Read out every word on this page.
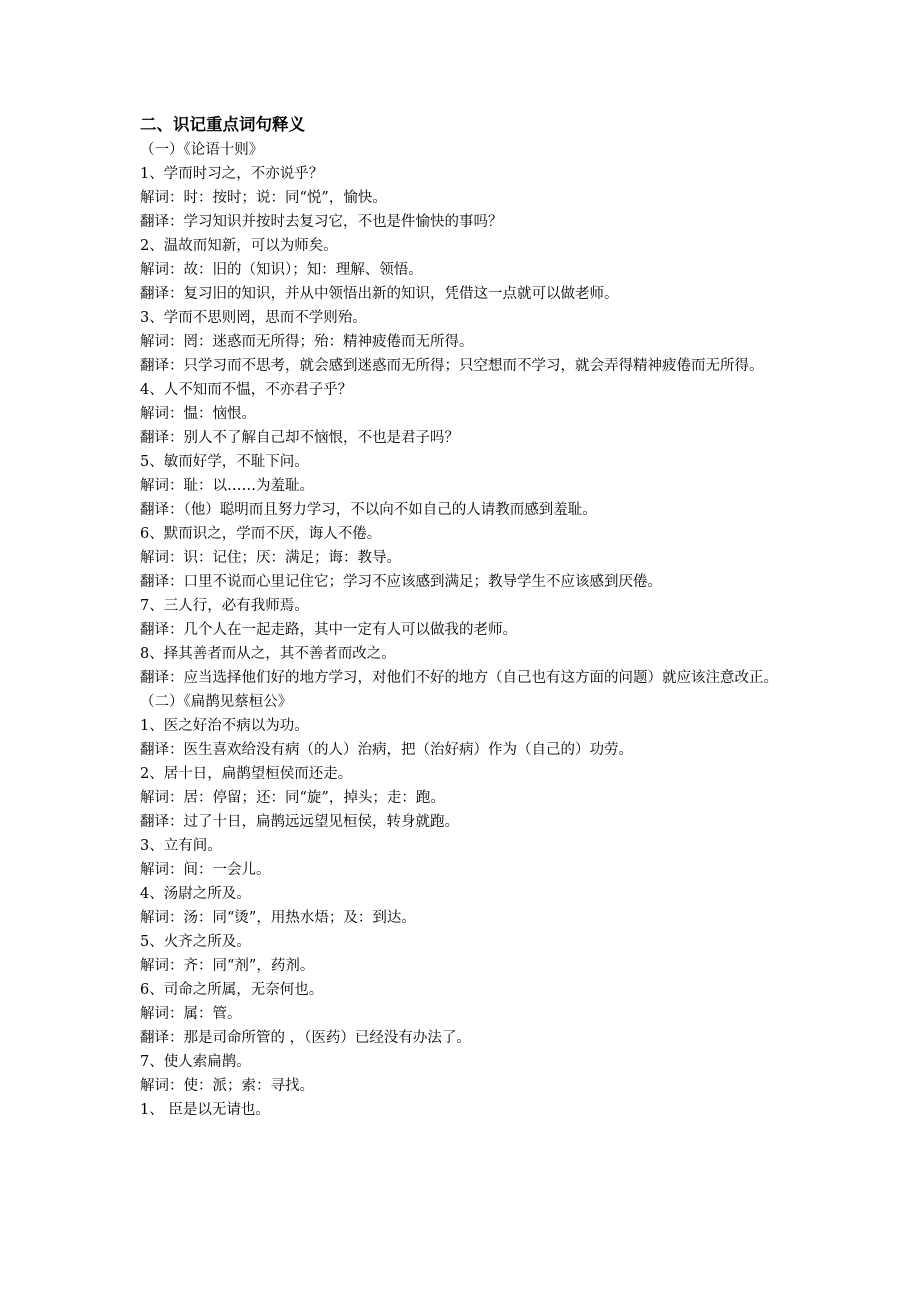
二、识记重点词句释义

（一）《论语十则》

1、学而时习之，不亦说乎？

解词：时：按时；说：同“悦”，愉快。

翻译：学习知识并按时去复习它，不也是件愉快的事吗？

2、温故而知新，可以为师矣。

解词：故：旧的（知识）；知：理解、领悟。

翻译：复习旧的知识，并从中领悟出新的知识，凭借这一点就可以做老师。

3、学而不思则罔，思而不学则殆。

解词：罔：迷惑而无所得；殆：精神疲倦而无所得。

翻译：只学习而不思考，就会感到迷惑而无所得；只空想而不学习，就会弄得精神疲倦而无所得。

4、人不知而不愠，不亦君子乎？

解词：愠：恼恨。

翻译：别人不了解自己却不恼恨，不也是君子吗？

5、敏而好学，不耻下问。

解词：耻：以……为羞耻。

翻译：（他）聪明而且努力学习，不以向不如自己的人请教而感到羞耻。

6、默而识之，学而不厌，诲人不倦。

解词：识：记住；厌：满足；诲：教导。

翻译：口里不说而心里记住它；学习不应该感到满足；教导学生不应该感到厌倦。

7、三人行，必有我师焉。

翻译：几个人在一起走路，其中一定有人可以做我的老师。

8、择其善者而从之，其不善者而改之。

翻译：应当选择他们好的地方学习，对他们不好的地方（自己也有这方面的问题）就应该注意改正。

（二）《扁鹊见蔡桓公》

1、医之好治不病以为功。

翻译：医生喜欢给没有病（的人）治病，把（治好病）作为（自己的）功劳。

2、居十日，扁鹊望桓侯而还走。

解词：居：停留；还：同“旋”，掉头；走：跑。

翻译：过了十日，扁鹊远远望见桓侯，转身就跑。

3、立有间。

解词：间：一会儿。

4、汤尉之所及。

解词：汤：同“烫”，用热水焐；及：到达。

5、火齐之所及。

解词：齐：同“剂”，药剂。

6、司命之所属，无奈何也。

解词：属：管。

翻译：那是司命所管的 ，（医药）已经没有办法了。

7、使人索扁鹊。

解词：使：派；索：寻找。

1、 臣是以无请也。
